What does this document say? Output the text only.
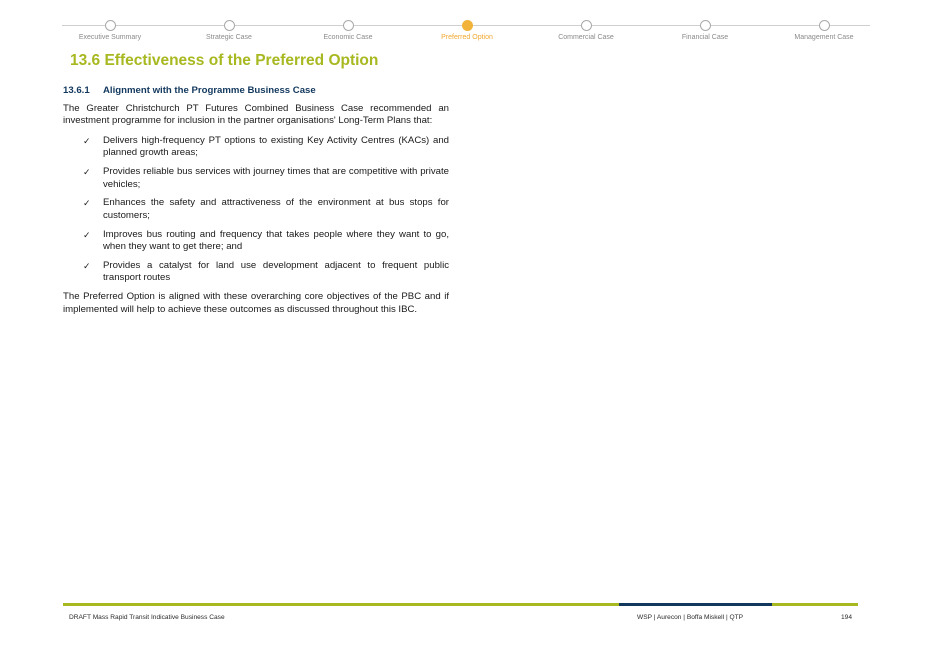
Executive Summary	Strategic Case	Economic Case	Preferred Option	Commercial Case	Financial Case	Management Case
13.6 Effectiveness of the Preferred Option
13.6.1 Alignment with the Programme Business Case

The Greater Christchurch PT Futures Combined Business Case recommended an investment programme for inclusion in the partner organisations' Long-Term Plans that:

✓ Delivers high-frequency PT options to existing Key Activity Centres (KACs) and planned growth areas;
✓ Provides reliable bus services with journey times that are competitive with private vehicles;
✓ Enhances the safety and attractiveness of the environment at bus stops for customers;
✓ Improves bus routing and frequency that takes people where they want to go, when they want to get there; and
✓ Provides a catalyst for land use development adjacent to frequent public transport routes

The Preferred Option is aligned with these overarching core objectives of the PBC and if implemented will help to achieve these outcomes as discussed throughout this IBC.

DRAFT Mass Rapid Transit Indicative Business Case	WSP | Aurecon | Boffa Miskell | QTP	194
